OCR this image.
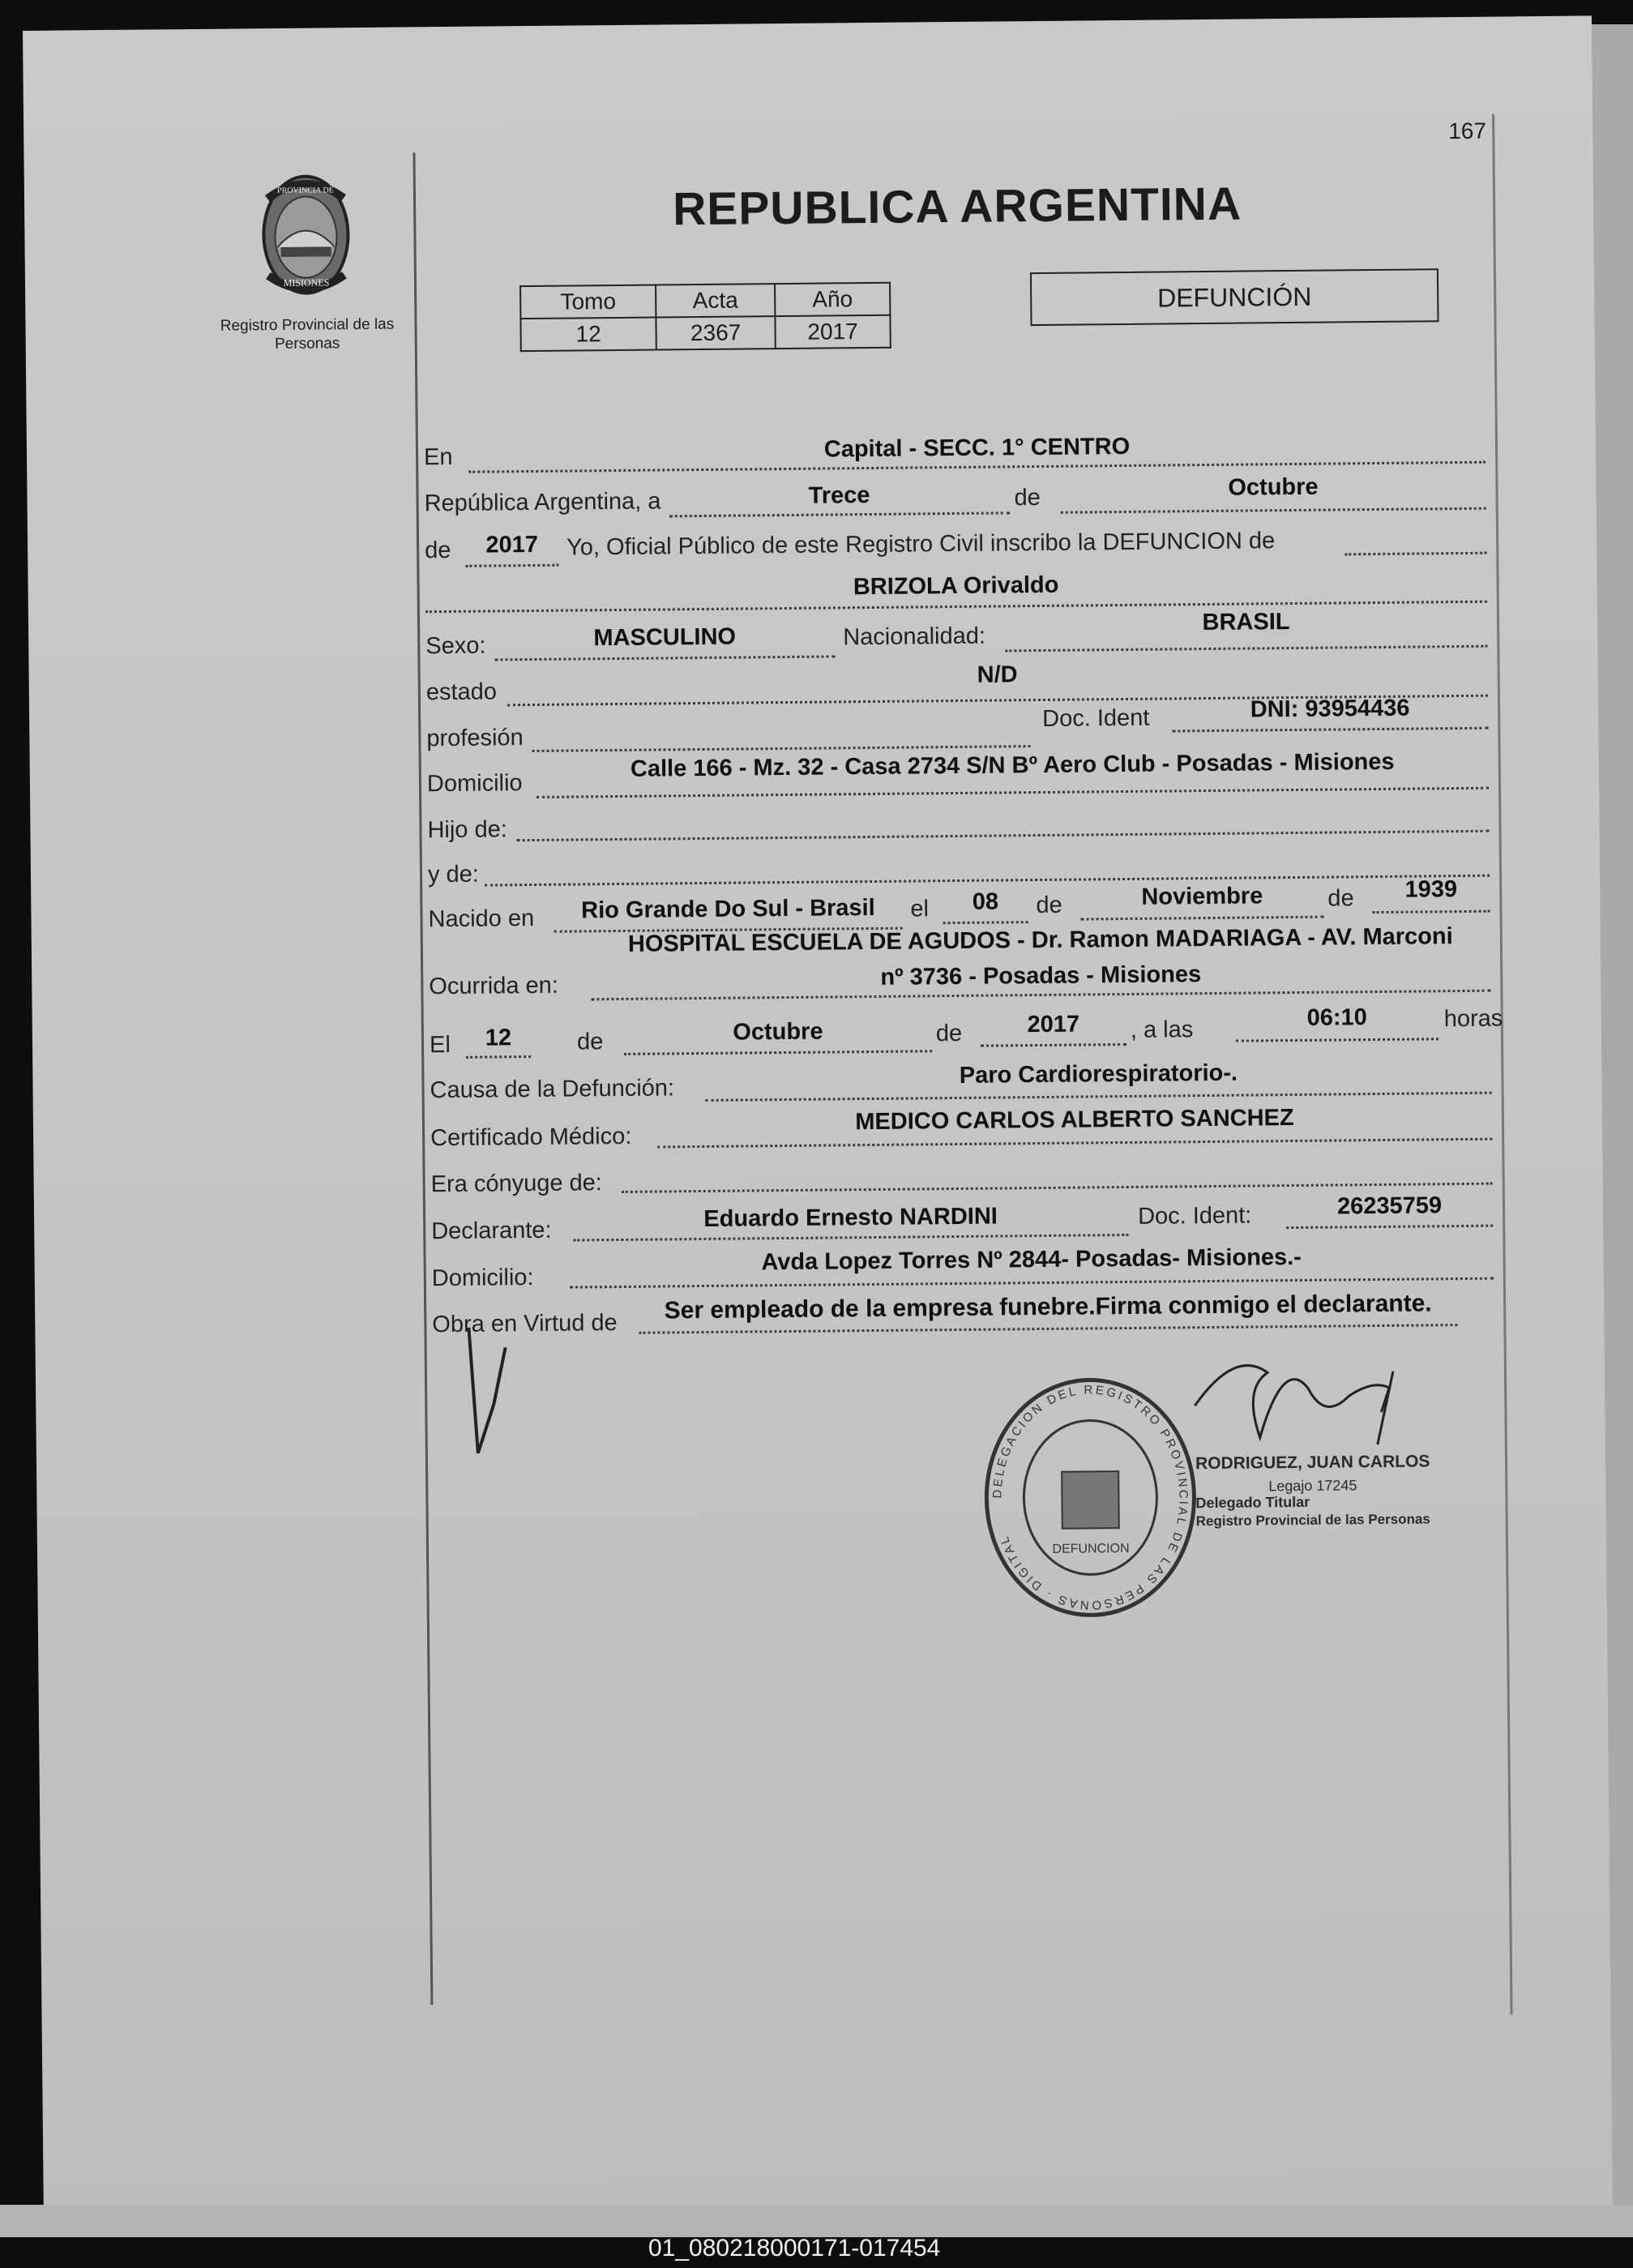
167
PROVINCIA DE
MISIONES
Registro Provincial de las Personas
REPUBLICA ARGENTINA
Tomo	Acta	Año
12	2367	2017
DEFUNCIÓN
En	Capital - SECC. 1° CENTRO
República Argentina, a	Trece	de	Octubre
de	2017	Yo, Oficial Público de este Registro Civil inscribo la DEFUNCION de
BRIZOLA Orivaldo
Sexo:	MASCULINO	Nacionalidad:
BRASIL
estado
N/D
profesión
Doc. Ident	DNI: 93954436
Domicilio
Calle 166 - Mz. 32 - Casa 2734 S/N Bº Aero Club - Posadas - Misiones
Hijo de:
y de:
Nacido en	Rio Grande Do Sul - Brasil	el	08	de	Noviembre	de	1939
HOSPITAL ESCUELA DE AGUDOS - Dr. Ramon MADARIAGA - AV. Marconi
Ocurrida en:	nº 3736 - Posadas - Misiones
El	12	de	Octubre	de	2017	, a las	06:10	horas
Causa de la Defunción:
Paro Cardiorespiratorio-.
Certificado Médico:
MEDICO CARLOS ALBERTO SANCHEZ
Era cónyuge de:
Declarante:	Eduardo Ernesto NARDINI	Doc. Ident:	26235759
Domicilio:
Avda Lopez Torres Nº 2844- Posadas- Misiones.-
Obra en Virtud de	Ser empleado de la empresa funebre.Firma conmigo el declarante.
DELEGACION DEL REGISTRO PROVINCIAL DE LAS PERSONAS · DIGITAL
DEFUNCION
RODRIGUEZ, JUAN CARLOS
Legajo 17245
Delegado Titular
Registro Provincial de las Personas
01_080218000171-017454
